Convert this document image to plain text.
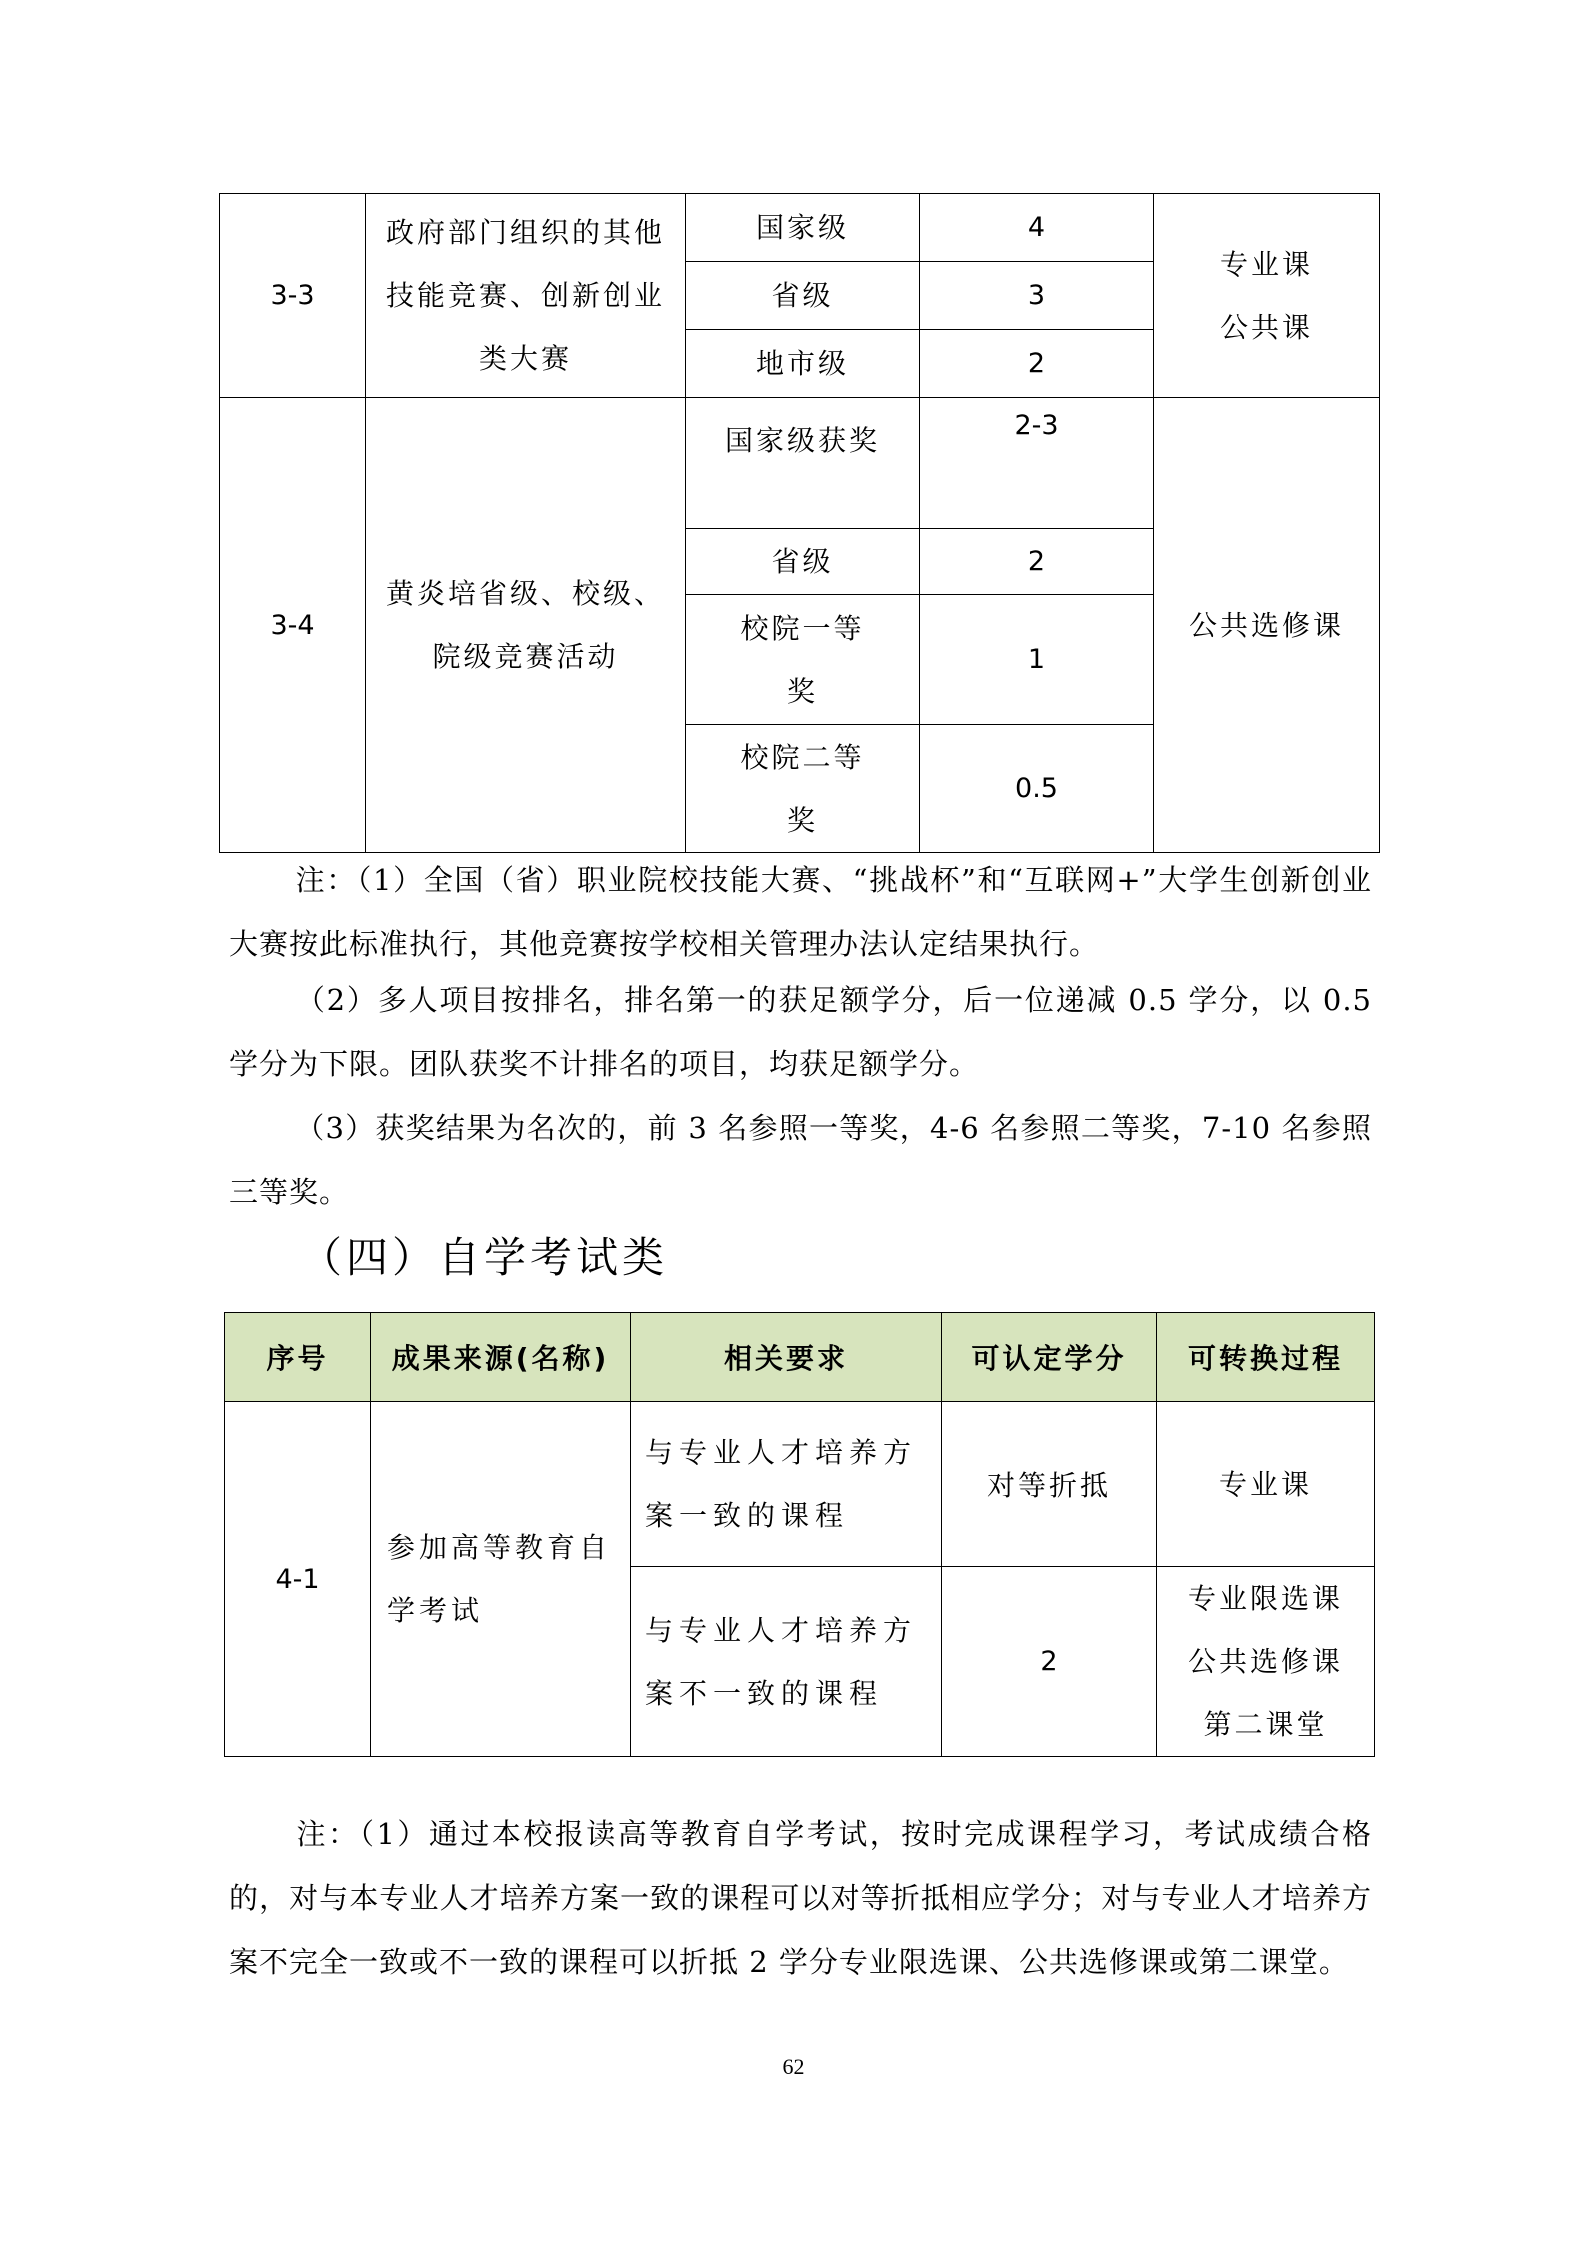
3-3	政府部门组织的其他技能竞赛、创新创业类大赛	国家级	4	专业课
公共课

		省级	3	
		地市级	2	
3-4	黄炎培省级、校级、院级竞赛活动	国家级获奖	2-3	公共选修课

		省级	2	
		校院一等奖	1	
		校院二等奖	0.5	
注：（1）全国（省）职业院校技能大赛、“挑战杯”和“互联网+”大学生创新创业大赛按此标准执行，其他竞赛按学校相关管理办法认定结果执行。
（2）多人项目按排名，排名第一的获足额学分，后一位递减 0.5 学分，以 0.5 学分为下限。团队获奖不计排名的项目，均获足额学分。
（3）获奖结果为名次的，前 3 名参照一等奖，4-6 名参照二等奖，7-10 名参照三等奖。
（四）自学考试类
序号	成果来源(名称)	相关要求	可认定学分	可转换过程
4-1	参加高等教育自学考试	与专业人才培养方案一致的课程	对等折抵	专业课

		与专业人才培养方案不一致的课程	2	专业限选课
公共选修课
第二课堂
注：（1）通过本校报读高等教育自学考试，按时完成课程学习，考试成绩合格的，对与本专业人才培养方案一致的课程可以对等折抵相应学分；对与专业人才培养方案不完全一致或不一致的课程可以折抵 2 学分专业限选课、公共选修课或第二课堂。
62
